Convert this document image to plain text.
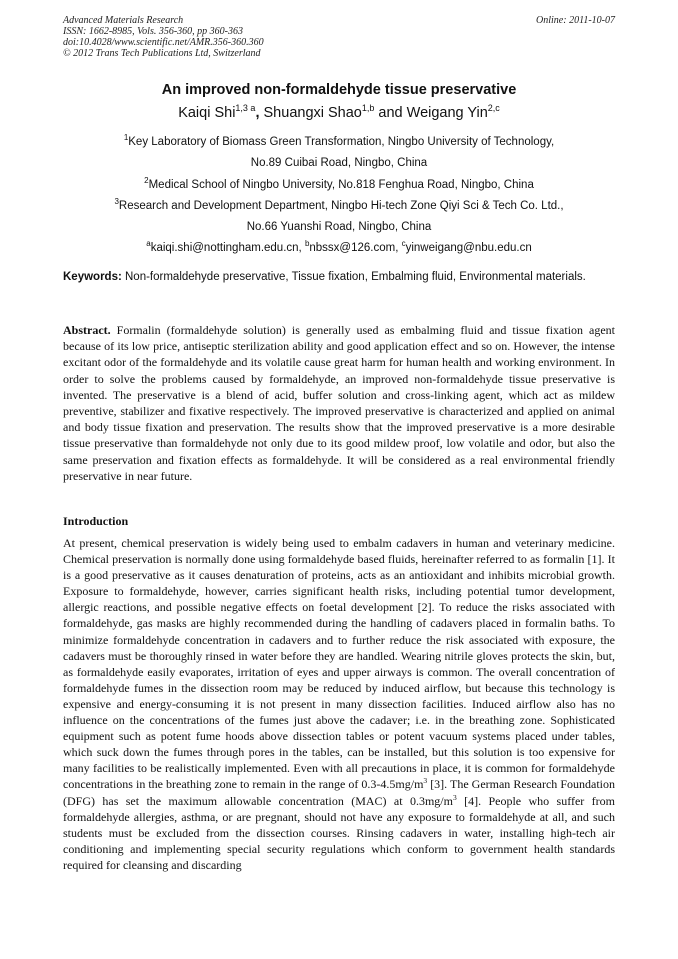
Advanced Materials Research
ISSN: 1662-8985, Vols. 356-360, pp 360-363
doi:10.4028/www.scientific.net/AMR.356-360.360
© 2012 Trans Tech Publications Ltd, Switzerland
Online: 2011-10-07
An improved non-formaldehyde tissue preservative
Kaiqi Shi$^{1,3 a}$, Shuangxi Shao$^{1,b}$ and Weigang Yin$^{2,c}$
$^1$Key Laboratory of Biomass Green Transformation, Ningbo University of Technology,
No.89 Cuibai Road, Ningbo, China
$^2$Medical School of Ningbo University, No.818 Fenghua Road, Ningbo, China
$^3$Research and Development Department, Ningbo Hi-tech Zone Qiyi Sci & Tech Co. Ltd.,
No.66 Yuanshi Road, Ningbo, China
$^a$kaiqi.shi@nottingham.edu.cn, $^b$nbssx@126.com, $^c$yinweigang@nbu.edu.cn
Keywords: Non-formaldehyde preservative, Tissue fixation, Embalming fluid, Environmental materials.
Abstract. Formalin (formaldehyde solution) is generally used as embalming fluid and tissue fixation agent because of its low price, antiseptic sterilization ability and good application effect and so on. However, the intense excitant odor of the formaldehyde and its volatile cause great harm for human health and working environment. In order to solve the problems caused by formaldehyde, an improved non-formaldehyde tissue preservative is invented. The preservative is a blend of acid, buffer solution and cross-linking agent, which act as mildew preventive, stabilizer and fixative respectively. The improved preservative is characterized and applied on animal and body tissue fixation and preservation. The results show that the improved preservative is a more desirable tissue preservative than formaldehyde not only due to its good mildew proof, low volatile and odor, but also the same preservation and fixation effects as formaldehyde. It will be considered as a real environmental friendly preservative in near future.
Introduction
At present, chemical preservation is widely being used to embalm cadavers in human and veterinary medicine. Chemical preservation is normally done using formaldehyde based fluids, hereinafter referred to as formalin [1]. It is a good preservative as it causes denaturation of proteins, acts as an antioxidant and inhibits microbial growth. Exposure to formaldehyde, however, carries significant health risks, including potential tumor development, allergic reactions, and possible negative effects on foetal development [2]. To reduce the risks associated with formaldehyde, gas masks are highly recommended during the handling of cadavers placed in formalin baths. To minimize formaldehyde concentration in cadavers and to further reduce the risk associated with exposure, the cadavers must be thoroughly rinsed in water before they are handled. Wearing nitrile gloves protects the skin, but, as formaldehyde easily evaporates, irritation of eyes and upper airways is common. The overall concentration of formaldehyde fumes in the dissection room may be reduced by induced airflow, but because this technology is expensive and energy-consuming it is not present in many dissection facilities. Induced airflow also has no influence on the concentrations of the fumes just above the cadaver; i.e. in the breathing zone. Sophisticated equipment such as potent fume hoods above dissection tables or potent vacuum systems placed under tables, which suck down the fumes through pores in the tables, can be installed, but this solution is too expensive for many facilities to be realistically implemented. Even with all precautions in place, it is common for formaldehyde concentrations in the breathing zone to remain in the range of $0.3-4.5mg/m^3$ [3]. The German Research Foundation (DFG) has set the maximum allowable concentration (MAC) at $0.3mg/m^3$ [4]. People who suffer from formaldehyde allergies, asthma, or are pregnant, should not have any exposure to formaldehyde at all, and such students must be excluded from the dissection courses. Rinsing cadavers in water, installing high-tech air conditioning and implementing special security regulations which conform to government health standards required for cleansing and discarding
